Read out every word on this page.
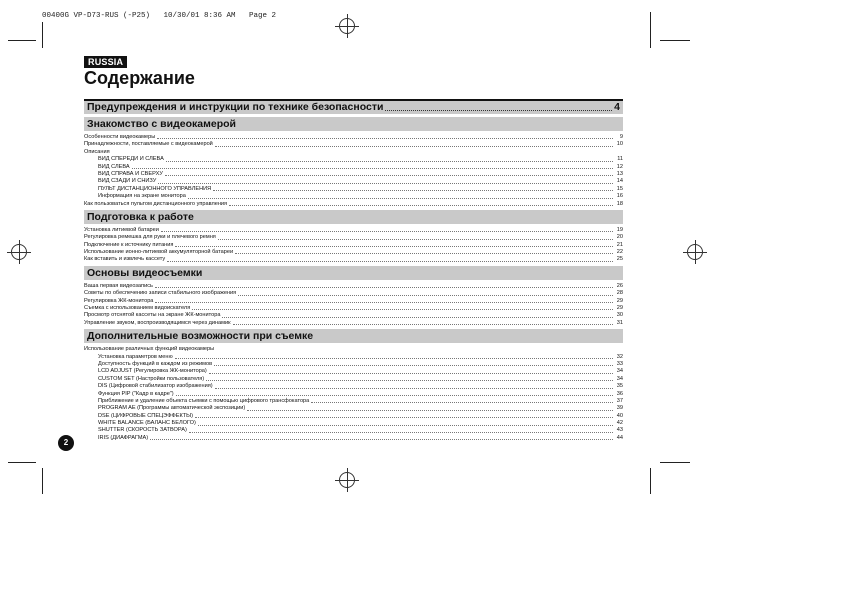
00400G VP-D73-RUS (-P25)   10/30/01 8:36 AM   Page 2
RUSSIA
Содержание
Предупреждения и инструкции по технике безопасности	4
Знакомство с видеокамерой
Особенности видеокамеры	9
Принадлежности, поставляемые с видеокамерой	10
Описания
ВИД СПЕРЕДИ И СЛЕВА	11
ВИД СЛЕВА	12
ВИД СПРАВА И СВЕРХУ	13
ВИД СЗАДИ И СНИЗУ	14
ПУЛЬТ ДИСТАНЦИОННОГО УПРАВЛЕНИЯ	15
Информация на экране монитора	16
Как пользоваться пультом дистанционного управления	18
Подготовка к работе
Установка литиевой батареи	19
Регулировка ремешка для руки и плечевого ремня	20
Подключение к источнику питания	21
Использование ионно-литиевой аккумуляторной батареи	22
Как вставить и извлечь кассету	25
Основы видеосъемки
Ваша первая видеозапись	26
Советы по обеспечению записи стабильного изображения	28
Регулировка ЖК-монитора	29
Съемка с использованием видоискателя	29
Просмотр отснятой кассеты на экране ЖК-монитора	30
Управление звуком, воспроизводящимся через динамик	31
Дополнительные возможности при съемке
Использование различных функций видеокамеры
Установка параметров меню	32
Доступность функций в каждом из режимов	33
LCD ADJUST (Регулировка ЖК-монитора)	34
CUSTOM SET (Настройки пользователя)	34
DIS (Цифровой стабилизатор изображения)	35
Функция PIP ("Кадр в кадре")	36
Приближение и удаление объекта съемки с помощью цифрового трансфокатора	37
PROGRAM AE (Программы автоматической экспозиции)	39
DSE (ЦИФРОВЫЕ СПЕЦЭФФЕКТЫ)	40
WHITE BALANCE (БАЛАНС БЕЛОГО)	42
SHUTTER (СКОРОСТЬ ЗАТВОРА)	43
IRIS (ДИАФРАГМА)	44
2
